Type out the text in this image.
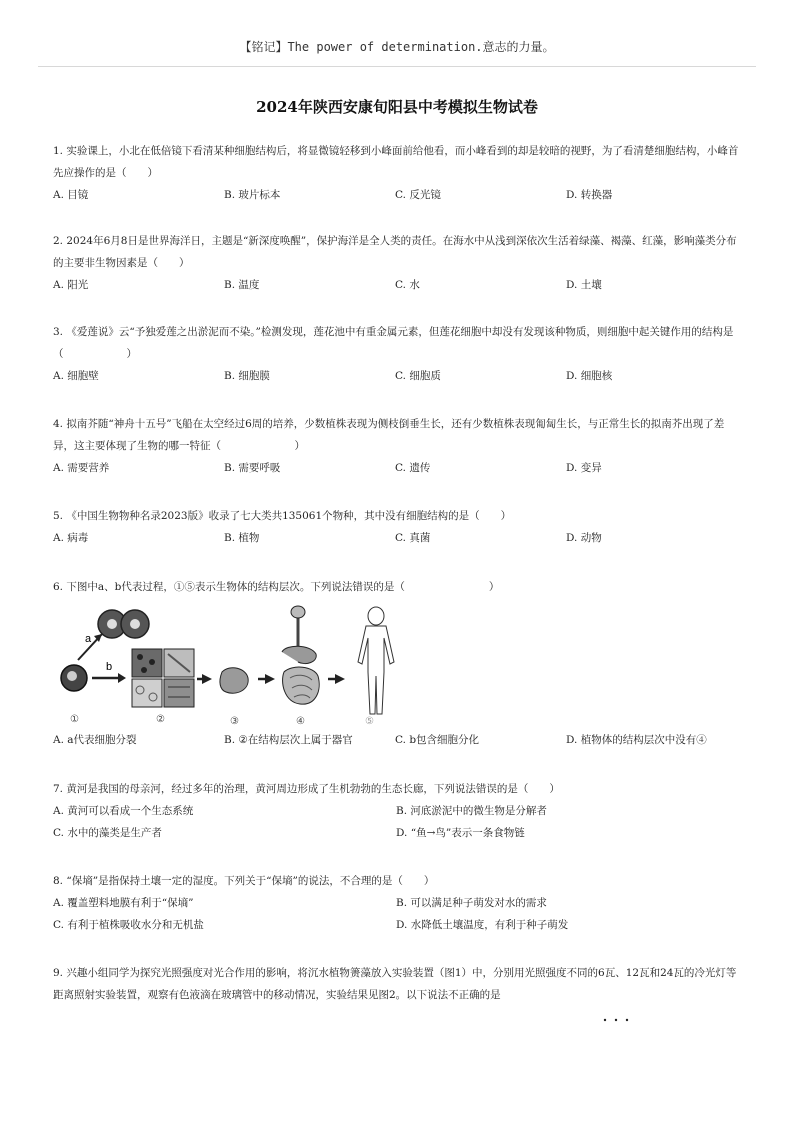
【铭记】The power of determination.意志的力量。
2024年陕西安康旬阳县中考模拟生物试卷

1. 实验课上，小北在低倍镜下看清某种细胞结构后，将显微镜轻移到小峰面前给他看，而小峰看到的却是较暗的视野，为了看清楚细胞结构，小峰首先应操作的是（　　）

A. 目镜	B. 玻片标本	C. 反光镜	D. 转换器

2. 2024年6月8日是世界海洋日，主题是“新深度唤醒”，保护海洋是全人类的责任。在海水中从浅到深依次生活着绿藻、褐藻、红藻，影响藻类分布的主要非生物因素是（　　）

A. 阳光	B. 温度	C. 水	D. 土壤

3. 《爱莲说》云“予独爱莲之出淤泥而不染。”检测发现，莲花池中有重金属元素，但莲花细胞中却没有发现该种物质，则细胞中起关键作用的结构是（　　　　　　）

A. 细胞壁	B. 细胞膜	C. 细胞质	D. 细胞核

4. 拟南芥随“神舟十五号”飞船在太空经过6周的培养，少数植株表现为侧枝倒垂生长，还有少数植株表现匍匐生长，与正常生长的拟南芥出现了差异，这主要体现了生物的哪一特征（　　　　　　　）

A. 需要营养	B. 需要呼吸	C. 遗传	D. 变异

5. 《中国生物物种名录2023版》收录了七大类共135061个物种，其中没有细胞结构的是（　　）

A. 病毒	B. 植物	C. 真菌	D. 动物

6. 下图中a、b代表过程，①⑤表示生物体的结构层次。下列说法错误的是（　　　　　　　　）

a
b
①	②	③	④	⑤
A. a代表细胞分裂	B. ②在结构层次上属于器官	C. b包含细胞分化	D. 植物体的结构层次中没有④

7. 黄河是我国的母亲河，经过多年的治理，黄河周边形成了生机勃勃的生态长廊，下列说法错误的是（　　）

A. 黄河可以看成一个生态系统	B. 河底淤泥中的微生物是分解者
C. 水中的藻类是生产者	D. “鱼→鸟”表示一条食物链

8. “保墒”是指保持土壤一定的湿度。下列关于“保墒”的说法，不合理的是（　　）

A. 覆盖塑料地膜有利于“保墒”	B. 可以满足种子萌发对水的需求
C. 有利于植株吸收水分和无机盐	D. 水降低土壤温度，有利于种子萌发

9. 兴趣小组同学为探究光照强度对光合作用的影响，将沉水植物箦藻放入实验装置（图1）中，分别用光照强度不同的6瓦、12瓦和24瓦的冷光灯等距离照射实验装置，观察有色液滴在玻璃管中的移动情况，实验结果见图2。以下说法不正确的是
